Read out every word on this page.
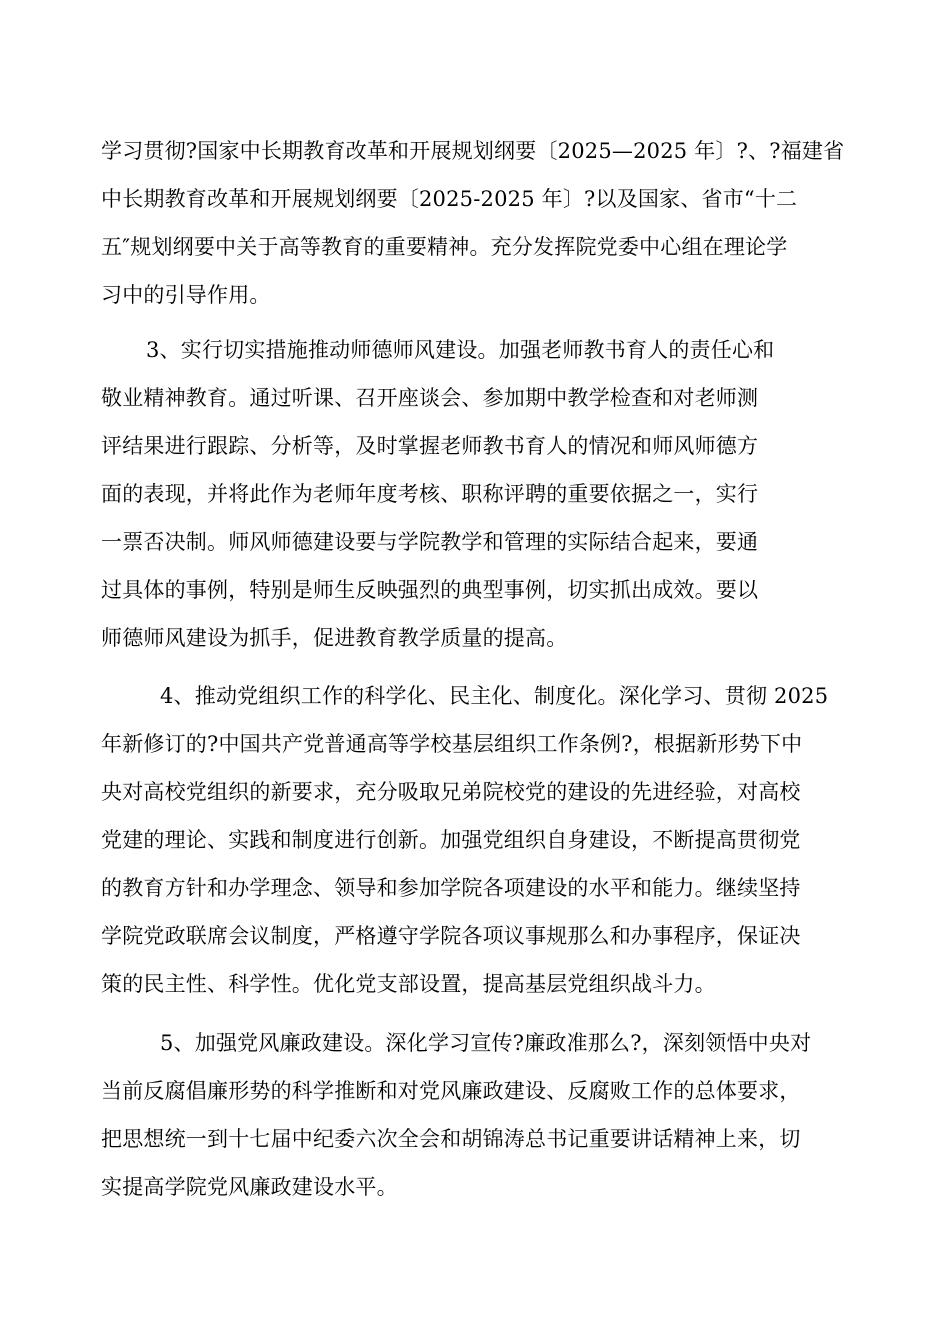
学习贯彻?国家中长期教育改革和开展规划纲要〔2025—2025 年〕?、?福建省
中长期教育改革和开展规划纲要〔2025-2025 年〕?以及国家、省市“十二
五″规划纲要中关于高等教育的重要精神。充分发挥院党委中心组在理论学
习中的引导作用。
3、实行切实措施推动师德师风建设。加强老师教书育人的责任心和
敬业精神教育。通过听课、召开座谈会、参加期中教学检查和对老师测
评结果进行跟踪、分析等，及时掌握老师教书育人的情况和师风师德方
面的表现，并将此作为老师年度考核、职称评聘的重要依据之一，实行
一票否决制。师风师德建设要与学院教学和管理的实际结合起来，要通
过具体的事例，特别是师生反映强烈的典型事例，切实抓出成效。要以
师德师风建设为抓手，促进教育教学质量的提高。
4、推动党组织工作的科学化、民主化、制度化。深化学习、贯彻 2025
年新修订的?中国共产党普通高等学校基层组织工作条例?，根据新形势下中
央对高校党组织的新要求，充分吸取兄弟院校党的建设的先进经验，对高校
党建的理论、实践和制度进行创新。加强党组织自身建设，不断提高贯彻党
的教育方针和办学理念、领导和参加学院各项建设的水平和能力。继续坚持
学院党政联席会议制度，严格遵守学院各项议事规那么和办事程序，保证决
策的民主性、科学性。优化党支部设置，提高基层党组织战斗力。
5、加强党风廉政建设。深化学习宣传?廉政准那么?，深刻领悟中央对
当前反腐倡廉形势的科学推断和对党风廉政建设、反腐败工作的总体要求，
把思想统一到十七届中纪委六次全会和胡锦涛总书记重要讲话精神上来，切
实提高学院党风廉政建设水平。
